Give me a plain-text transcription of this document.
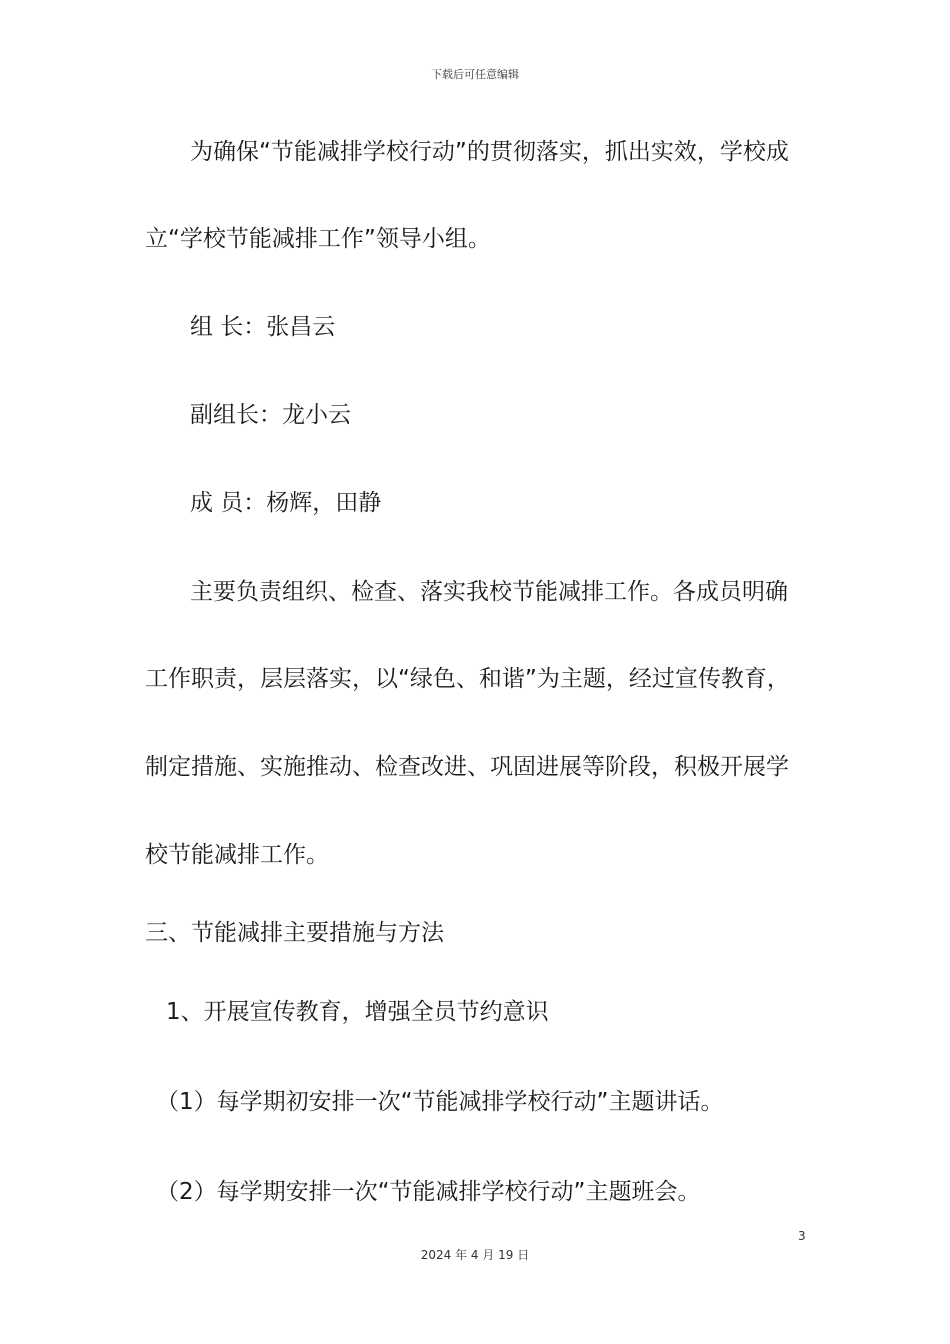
下载后可任意编辑
为确保“节能减排学校行动”的贯彻落实，抓出实效，学校成
立“学校节能减排工作”领导小组。
组 长：张昌云
副组长：龙小云
成 员：杨辉，田静
主要负责组织、检查、落实我校节能减排工作。各成员明确
工作职责，层层落实，以“绿色、和谐”为主题，经过宣传教育，
制定措施、实施推动、检查改进、巩固进展等阶段，积极开展学
校节能减排工作。
三、节能减排主要措施与方法
1、开展宣传教育，增强全员节约意识
（1）每学期初安排一次“节能减排学校行动”主题讲话。
（2）每学期安排一次“节能减排学校行动”主题班会。
3
2024 年 4 月 19 日
